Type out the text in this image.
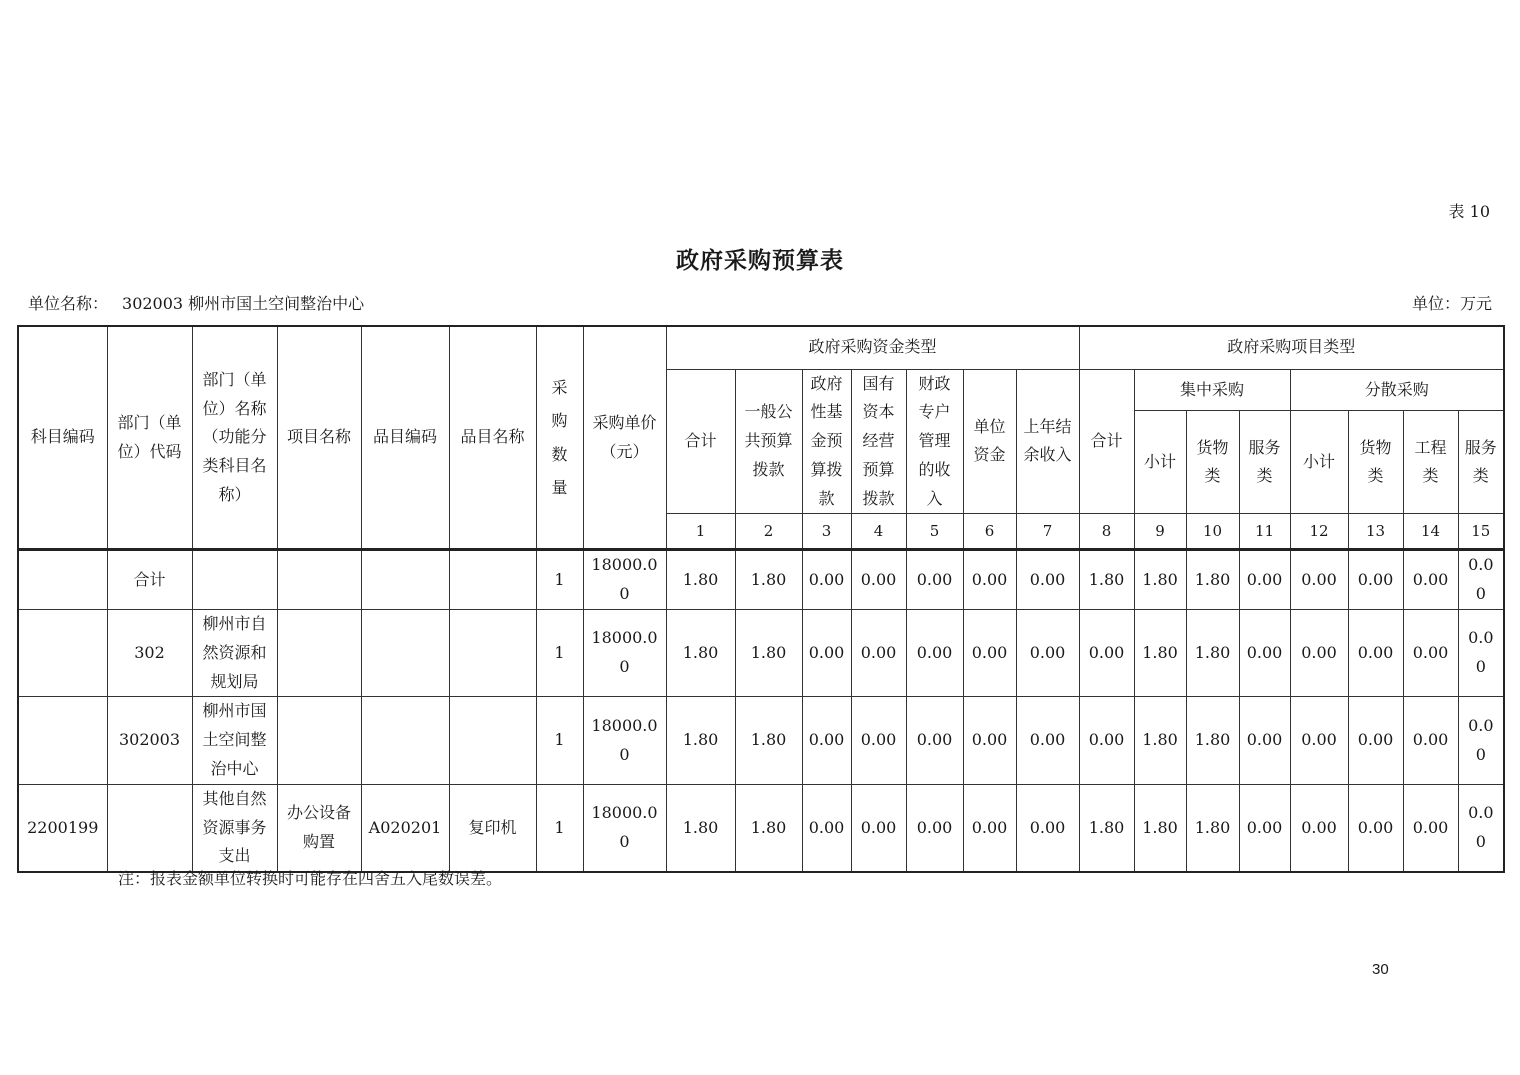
表 10
政府采购预算表
单位名称： 302003 柳州市国土空间整治中心	单位：万元
科目编码	部门（单位）代码	部门（单位）名称（功能分类科目名称）	项目名称	品目编码	品目名称	采购数量	采购单价（元）	政府采购资金类型							政府采购项目类型							
								合计	一般公共预算拨款	政府性基金预算拨款	国有资本经营预算拨款	财政专户管理的收入	单位资金	上年结余收入	合计	集中采购			分散采购			
																小计	货物类	服务类	小计	货物类	工程类	服务类
								1	2	3	4	5	6	7	8	9	10	11	12	13	14	15
	合计					1	18000.00	1.80	1.80	0.00	0.00	0.00	0.00	0.00	1.80	1.80	1.80	0.00	0.00	0.00	0.00	0.00
	302	柳州市自然资源和规划局				1	18000.00	1.80	1.80	0.00	0.00	0.00	0.00	0.00	0.00	1.80	1.80	0.00	0.00	0.00	0.00	0.00
	302003	柳州市国土空间整治中心				1	18000.00	1.80	1.80	0.00	0.00	0.00	0.00	0.00	0.00	1.80	1.80	0.00	0.00	0.00	0.00	0.00
2200199		其他自然资源事务支出	办公设备购置	A020201	复印机	1	18000.00	1.80	1.80	0.00	0.00	0.00	0.00	0.00	1.80	1.80	1.80	0.00	0.00	0.00	0.00	0.00
注：报表金额单位转换时可能存在四舍五入尾数误差。
30
